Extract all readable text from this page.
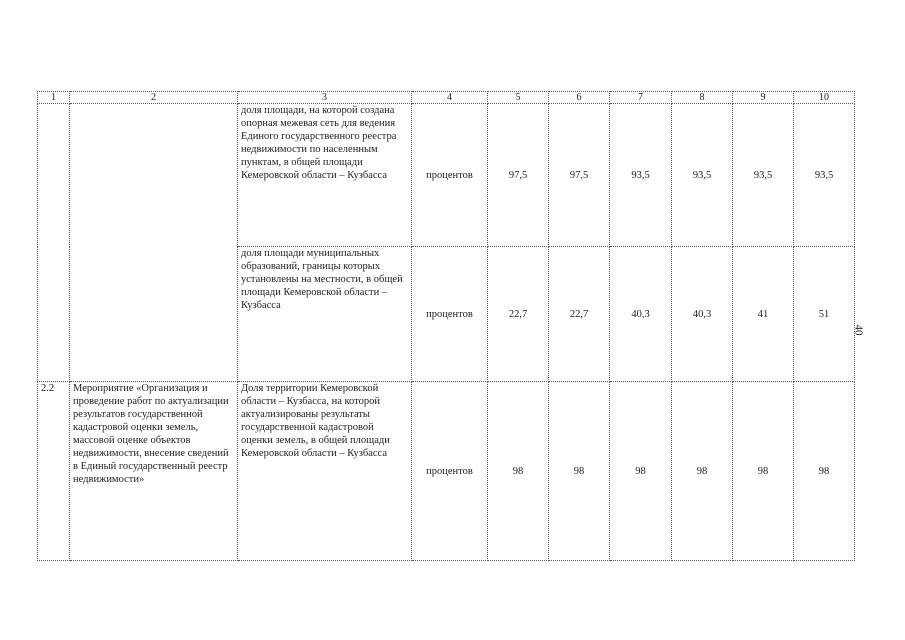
1	2	3	4	5	6	7	8	9	10
		доля площади, на которой создана опорная межевая сеть для ведения Единого государственного реестра недвижимости по населенным пунктам, в общей площади Кемеровской области – Кузбасса	процентов	97,5	97,5	93,5	93,5	93,5	93,5
		доля площади муниципальных образований, границы которых установлены на местности, в общей площади Кемеровской области – Кузбасса	процентов	22,7	22,7	40,3	40,3	41	51
2.2	Мероприятие «Организация и проведение работ по актуализации результатов государственной кадастровой оценки земель, массовой оценке объектов недвижимости, внесение сведений в Единый государственный реестр недвижимости»	Доля территории Кемеровской области – Кузбасса, на которой актуализированы результаты государственной кадастровой оценки земель, в общей площади Кемеровской области – Кузбасса	процентов	98	98	98	98	98	98
40
